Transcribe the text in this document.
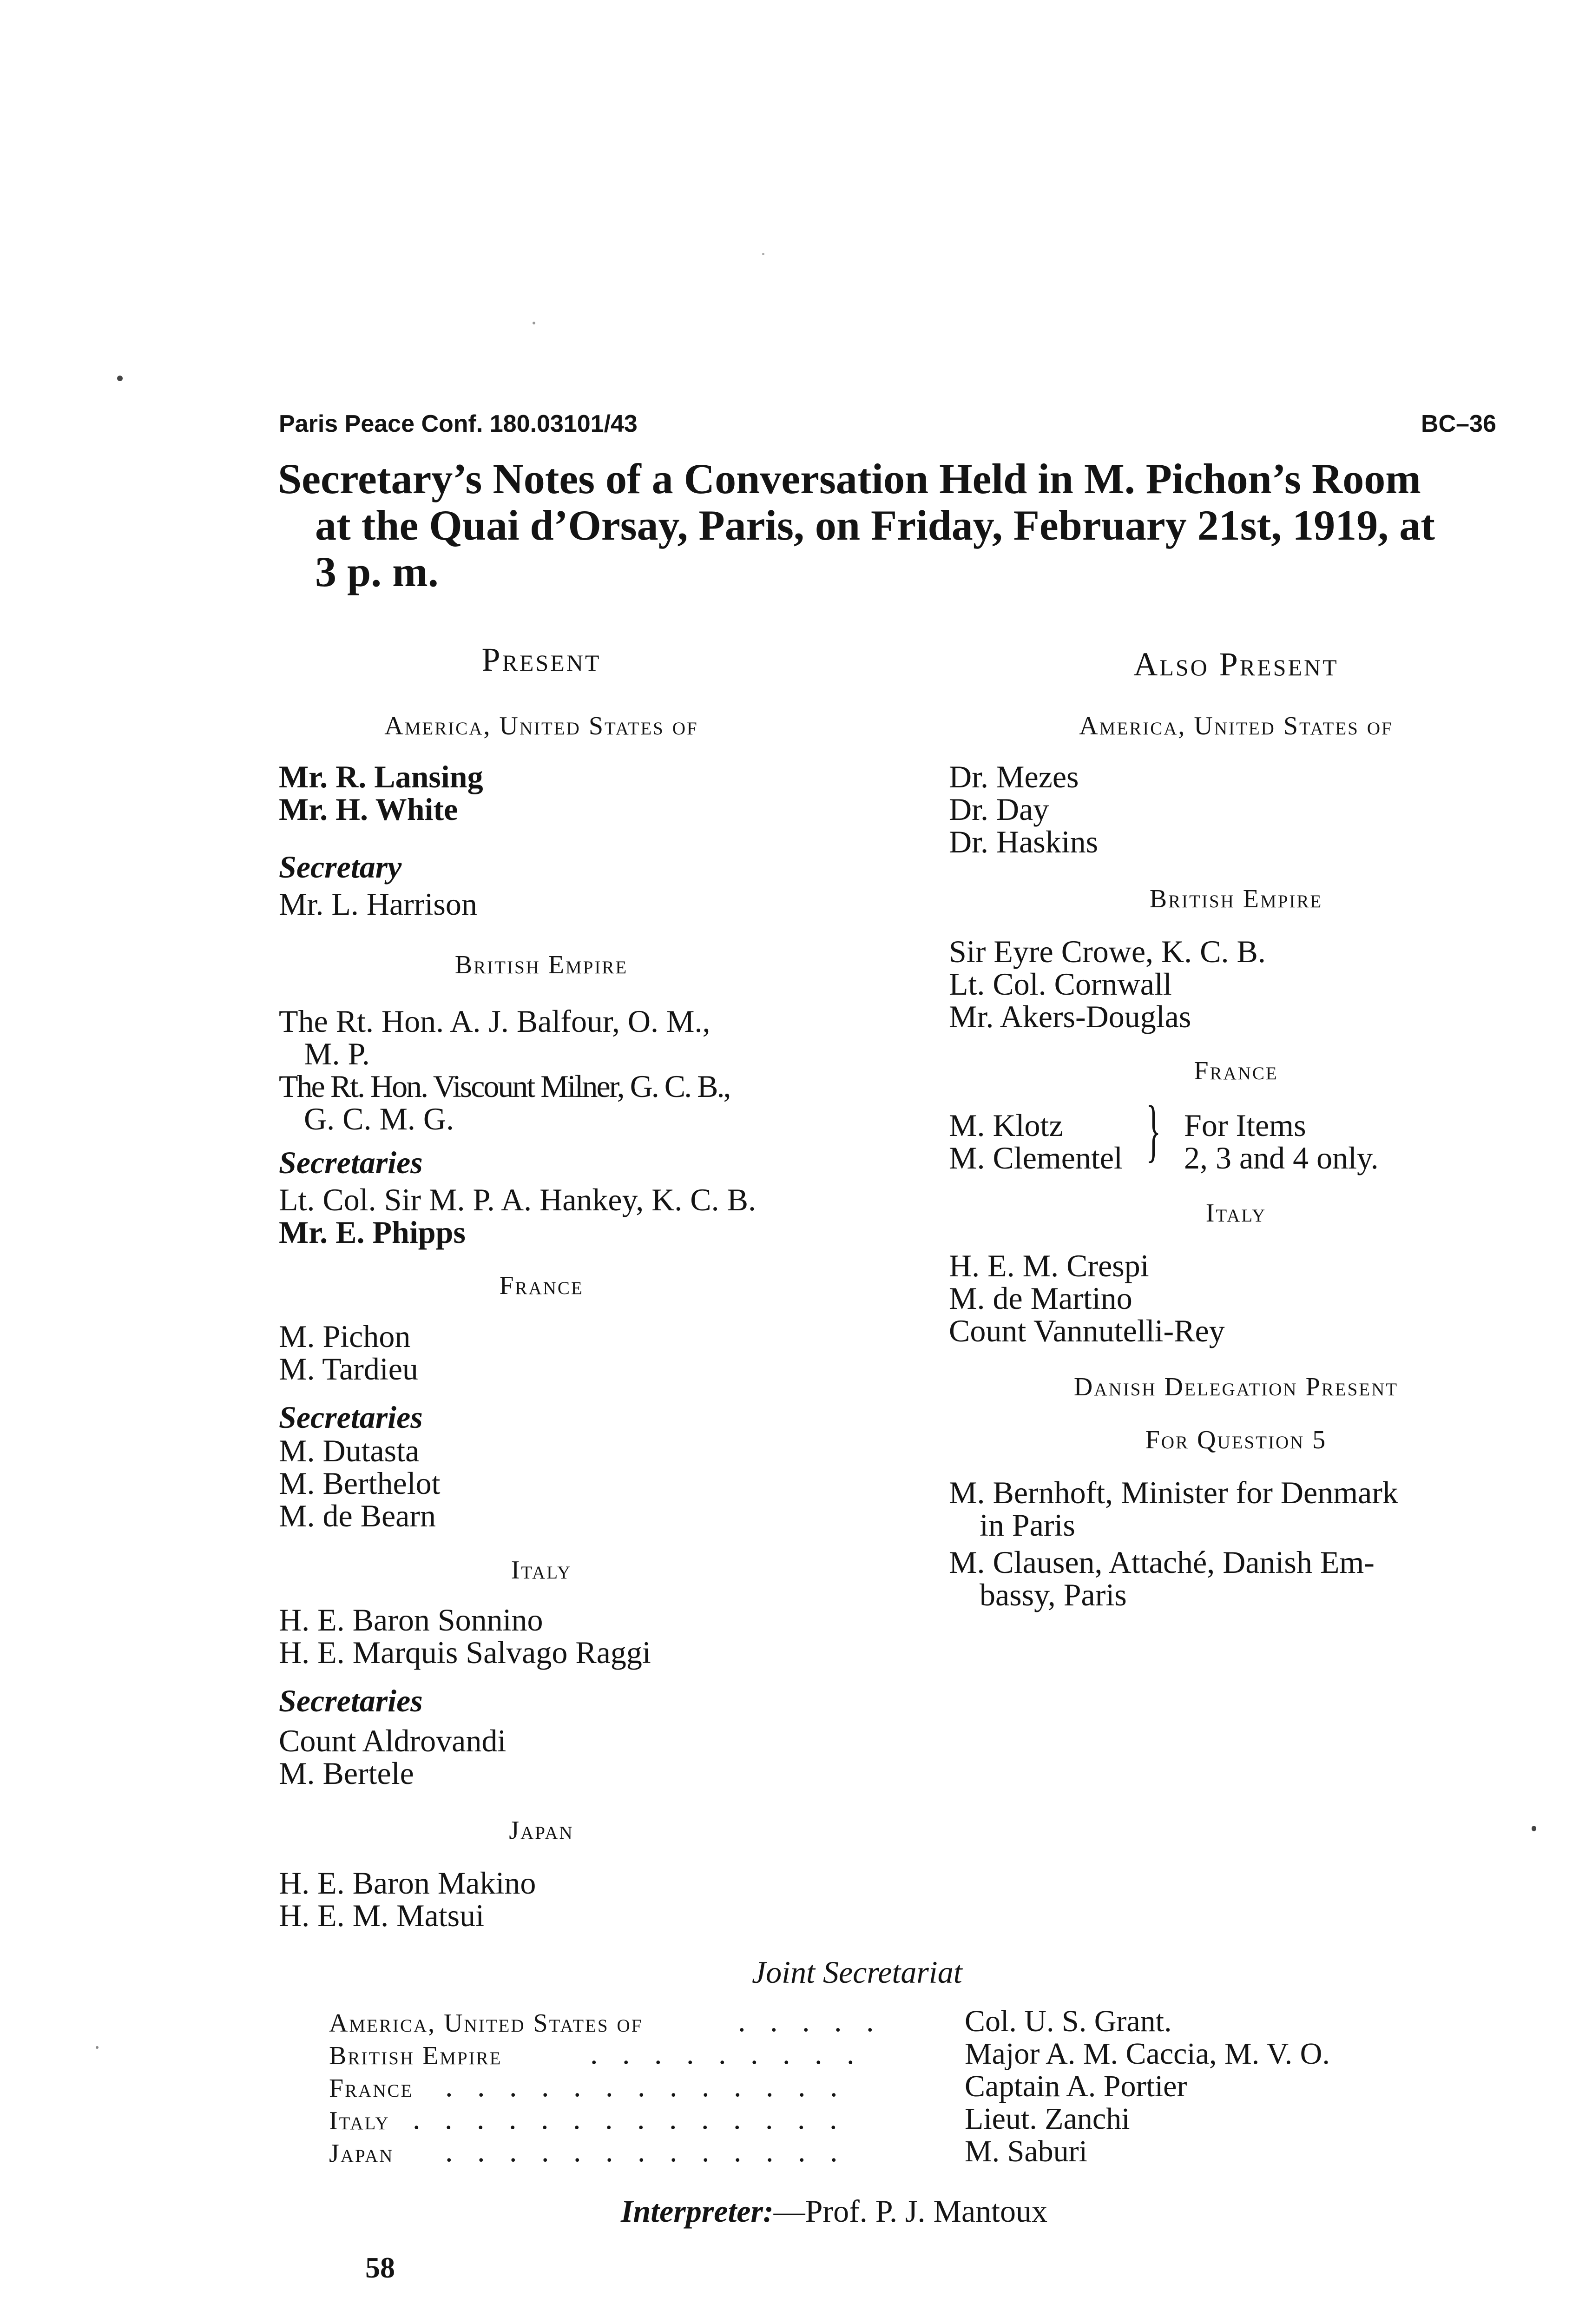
Paris Peace Conf. 180.03101/43	BC–36
Secretary’s Notes of a Conversation Held in M. Pichon’s Room
at the Quai d’Orsay, Paris, on Friday, February 21st, 1919, at
3 p. m.
Present
America, United States of
Mr. R. Lansing
Mr. H. White
Secretary
Mr. L. Harrison
British Empire
The Rt. Hon. A. J. Balfour, O. M.,
M. P.
The Rt. Hon. Viscount Milner, G. C. B.,
G. C. M. G.
Secretaries
Lt. Col. Sir M. P. A. Hankey, K. C. B.
Mr. E. Phipps
France
M. Pichon
M. Tardieu
Secretaries
M. Dutasta
M. Berthelot
M. de Bearn
Italy
H. E. Baron Sonnino
H. E. Marquis Salvago Raggi
Secretaries
Count Aldrovandi
M. Bertele
Japan
H. E. Baron Makino
H. E. M. Matsui
Also Present
America, United States of
Dr. Mezes
Dr. Day
Dr. Haskins
British Empire
Sir Eyre Crowe, K. C. B.
Lt. Col. Cornwall
Mr. Akers-Douglas
France
M. Klotz
M. Clementel } For Items
2, 3 and 4 only.
Italy
H. E. M. Crespi
M. de Martino
Count Vannutelli-Rey
Danish Delegation Present
For Question 5
M. Bernhoft, Minister for Denmark
in Paris
M. Clausen, Attaché, Danish Em-
bassy, Paris
Joint Secretariat
America, United States of	. . . . .	Col. U. S. Grant.
British Empire	. . . . . . . . .	Major A. M. Caccia, M. V. O.
France . . . . . . . . . . . . .	Captain A. Portier
Italy . . . . . . . . . . . . . .	Lieut. Zanchi
Japan . . . . . . . . . . . . .	M. Saburi
Interpreter:—Prof. P. J. Mantoux
58
